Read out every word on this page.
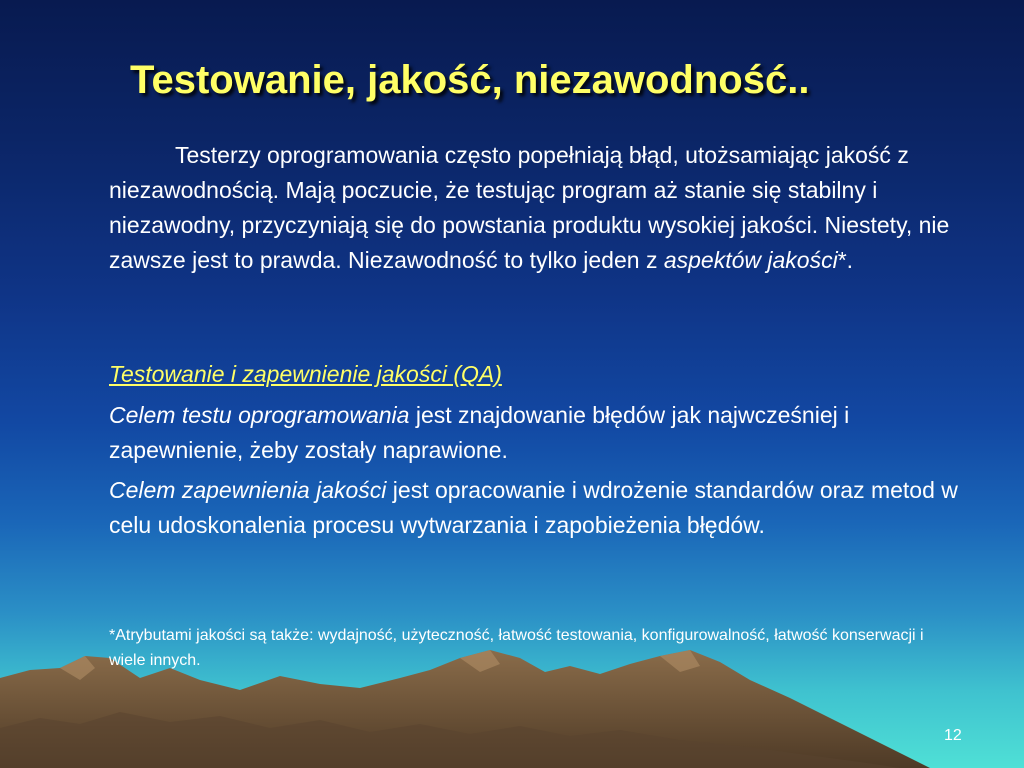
Testowanie, jakość, niezawodność..

Testerzy oprogramowania często popełniają błąd, utożsamiając jakość z niezawodnością. Mają poczucie, że testując program aż stanie się stabilny i niezawodny, przyczyniają się do powstania produktu wysokiej jakości. Niestety, nie zawsze jest to prawda. Niezawodność to tylko jeden z aspektów jakości*.

Testowanie i zapewnienie jakości (QA)

Celem testu oprogramowania jest znajdowanie błędów jak najwcześniej i zapewnienie, żeby zostały naprawione.

Celem zapewnienia jakości jest opracowanie i wdrożenie standardów oraz metod w celu udoskonalenia procesu wytwarzania i zapobieżenia błędów.

*Atrybutami jakości są także: wydajność, użyteczność, łatwość testowania, konfigurowalność, łatwość konserwacji i wiele innych.

12
